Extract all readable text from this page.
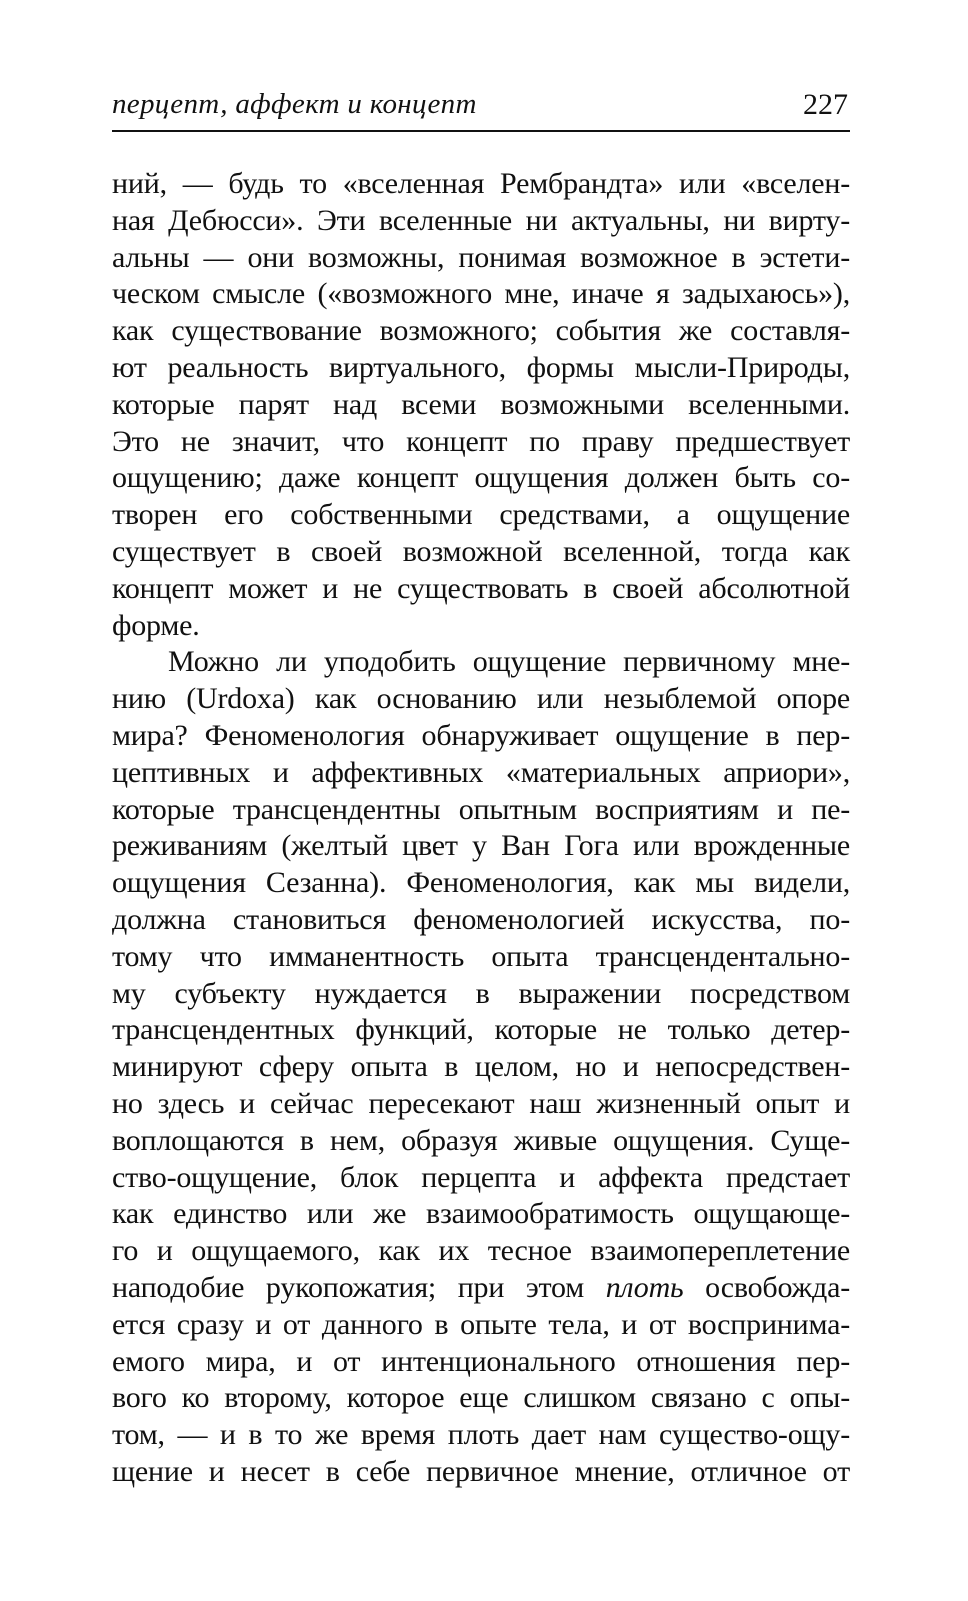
перцепт, аффект и концепт	227
ний, — будь то «вселенная Рембрандта» или «вселен-
ная Дебюсси». Эти вселенные ни актуальны, ни вирту-
альны — они возможны, понимая возможное в эстети-
ческом смысле («возможного мне, иначе я задыхаюсь»),
как существование возможного; события же составля-
ют реальность виртуального, формы мысли-Природы,
которые парят над всеми возможными вселенными.
Это не значит, что концепт по праву предшествует
ощущению; даже концепт ощущения должен быть со-
творен его собственными средствами, а ощущение
существует в своей возможной вселенной, тогда как
концепт может и не существовать в своей абсолютной
форме.
Можно ли уподобить ощущение первичному мне-
нию (Urdoxa) как основанию или незыблемой опоре
мира? Феноменология обнаруживает ощущение в пер-
цептивных и аффективных «материальных априори»,
которые трансцендентны опытным восприятиям и пе-
реживаниям (желтый цвет у Ван Гога или врожденные
ощущения Сезанна). Феноменология, как мы видели,
должна становиться феноменологией искусства, по-
тому что имманентность опыта трансцендентально-
му субъекту нуждается в выражении посредством
трансцендентных функций, которые не только детер-
минируют сферу опыта в целом, но и непосредствен-
но здесь и сейчас пересекают наш жизненный опыт и
воплощаются в нем, образуя живые ощущения. Суще-
ство-ощущение, блок перцепта и аффекта предстает
как единство или же взаимообратимость ощущающе-
го и ощущаемого, как их тесное взаимопереплетение
наподобие рукопожатия; при этом плоть освобожда-
ется сразу и от данного в опыте тела, и от воспринима-
емого мира, и от интенционального отношения пер-
вого ко второму, которое еще слишком связано с опы-
том, — и в то же время плоть дает нам существо-ощу-
щение и несет в себе первичное мнение, отличное от
